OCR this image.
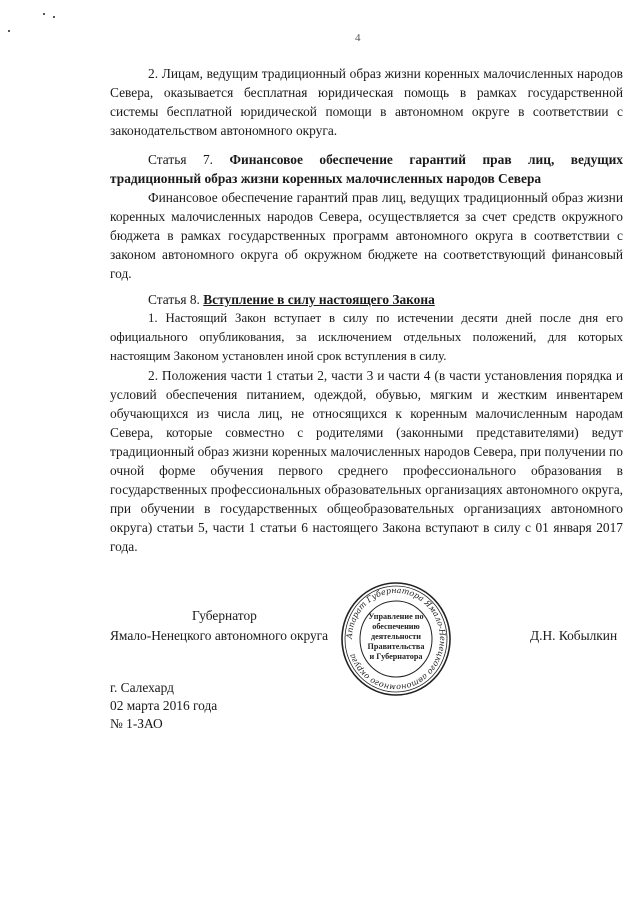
4

2. Лицам, ведущим традиционный образ жизни коренных малочисленных народов Севера, оказывается бесплатная юридическая помощь в рамках государственной системы бесплатной юридической помощи в автономном округе в соответствии с законодательством автономного округа.

Статья 7. Финансовое обеспечение гарантий прав лиц, ведущих традиционный образ жизни коренных малочисленных народов Севера

Финансовое обеспечение гарантий прав лиц, ведущих традиционный образ жизни коренных малочисленных народов Севера, осуществляется за счет средств окружного бюджета в рамках государственных программ автономного округа в соответствии с законом автономного округа об окружном бюджете на соответствующий финансовый год.

Статья 8. Вступление в силу настоящего Закона

1. Настоящий Закон вступает в силу по истечении десяти дней после дня его официального опубликования, за исключением отдельных положений, для которых настоящим Законом установлен иной срок вступления в силу.

2. Положения части 1 статьи 2, части 3 и части 4 (в части установления порядка и условий обеспечения питанием, одеждой, обувью, мягким и жестким инвентарем обучающихся из числа лиц, не относящихся к коренным малочисленным народам Севера, которые совместно с родителями (законными представителями) ведут традиционный образ жизни коренных малочисленных народов Севера, при получении по очной форме обучения первого среднего профессионального образования в государственных профессиональных образовательных организациях автономного округа, при обучении в государственных общеобразовательных организациях автономного округа) статьи 5, части 1 статьи 6 настоящего Закона вступают в силу с 01 января 2017 года.

Губернатор
Ямало-Ненецкого автономного округа	Д.Н. Кобылкин
Аппарат Губернатора Ямало-Ненецкого автономного округа
Управление по
обеспечению
деятельности
Правительства
и Губернатора
г. Салехард
02 марта 2016 года
№ 1-ЗАО
